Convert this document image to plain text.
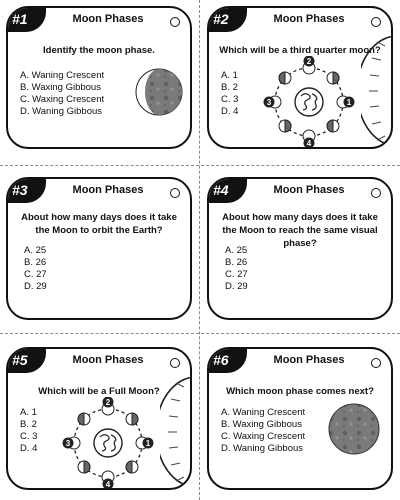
#1	Moon Phases
Identify the moon phase.
A. Waning Crescent
B. Waxing Gibbous
C. Waxing Crescent
D. Waning Gibbous
#2	Moon Phases
Which will be a third quarter moon?
A. 1
B. 2
C. 3
D. 4
1
2
3
4
#3	Moon Phases
About how many days does it take the Moon to orbit the Earth?
A. 25
B. 26
C. 27
D. 29
#4	Moon Phases
About how many days does it take the Moon to reach the same visual phase?
A. 25
B. 26
C. 27
D. 29
#5	Moon Phases
Which will be a Full Moon?
A. 1
B. 2
C. 3
D. 4	1
2
3
4
#6	Moon Phases
Which moon phase comes next?
A. Waning Crescent
B. Waxing Gibbous
C. Waxing Crescent
D. Waning Gibbous
